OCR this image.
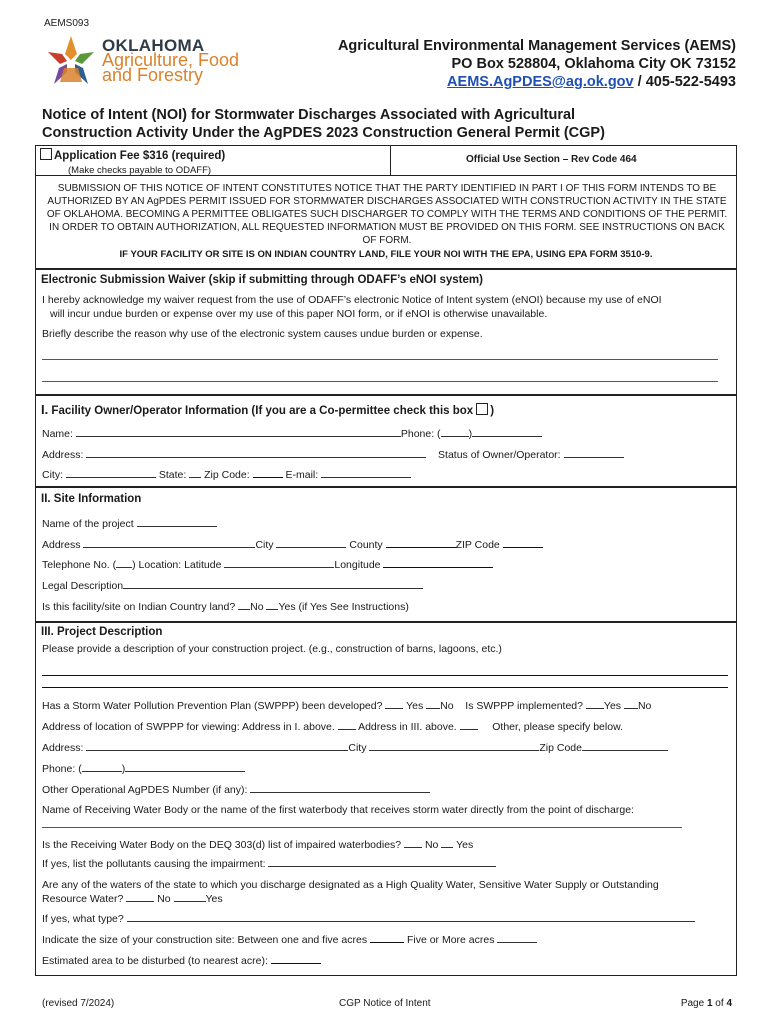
AEMS093
OKLAHOMA
Agriculture, Food
and Forestry
Agricultural Environmental Management Services (AEMS)
PO Box 528804, Oklahoma City OK 73152
AEMS.AgPDES@ag.ok.gov / 405-522-5493
Notice of Intent (NOI) for Stormwater Discharges Associated with Agricultural
Construction Activity Under the AgPDES 2023 Construction General Permit (CGP)
Application Fee $316 (required)
(Make checks payable to ODAFF)
Official Use Section – Rev Code 464
SUBMISSION OF THIS NOTICE OF INTENT CONSTITUTES NOTICE THAT THE PARTY IDENTIFIED IN PART I OF THIS FORM INTENDS TO BE AUTHORIZED BY AN AgPDES PERMIT ISSUED FOR STORMWATER DISCHARGES ASSOCIATED WITH CONSTRUCTION ACTIVITY IN THE STATE OF OKLAHOMA. BECOMING A PERMITTEE OBLIGATES SUCH DISCHARGER TO COMPLY WITH THE TERMS AND CONDITIONS OF THE PERMIT. IN ORDER TO OBTAIN AUTHORIZATION, ALL REQUESTED INFORMATION MUST BE PROVIDED ON THIS FORM. SEE INSTRUCTIONS ON BACK OF FORM.
IF YOUR FACILITY OR SITE IS ON INDIAN COUNTRY LAND, FILE YOUR NOI WITH THE EPA, USING EPA FORM 3510-9.
Electronic Submission Waiver (skip if submitting through ODAFF’s eNOI system)
I hereby acknowledge my waiver request from the use of ODAFF’s electronic Notice of Intent system (eNOI) because my use of eNOI
will incur undue burden or expense over my use of this paper NOI form, or if eNOI is otherwise unavailable.
Briefly describe the reason why use of the electronic system causes undue burden or expense.
I. Facility Owner/Operator Information (If you are a Co-permittee check this box )
Name:	Phone: (	)
Address:	Status of Owner/Operator:
City:	State: Zip Code:	E-mail:
II. Site Information
Name of the project
Address	City	County	ZIP Code
Telephone No. ( ) Location: Latitude	Longitude
Legal Description
Is this facility/site on Indian Country land? No Yes (if Yes See Instructions)
III. Project Description
Please provide a description of your construction project. (e.g., construction of barns, lagoons, etc.)
Has a Storm Water Pollution Prevention Plan (SWPPP) been developed? Yes No Is SWPPP implemented? Yes No
Address of location of SWPPP for viewing: Address in I. above. Address in III. above.	Other, please specify below.
Address:	City	Zip Code
Phone: (	)
Other Operational AgPDES Number (if any):
Name of Receiving Water Body or the name of the first waterbody that receives storm water directly from the point of discharge:
Is the Receiving Water Body on the DEQ 303(d) list of impaired waterbodies? No Yes
If yes, list the pollutants causing the impairment:
Are any of the waters of the state to which you discharge designated as a High Quality Water, Sensitive Water Supply or Outstanding
Resource Water?	No	Yes
If yes, what type?
Indicate the size of your construction site: Between one and five acres	Five or More acres
Estimated area to be disturbed (to nearest acre):
(revised 7/2024)	CGP Notice of Intent	Page 1 of 4
